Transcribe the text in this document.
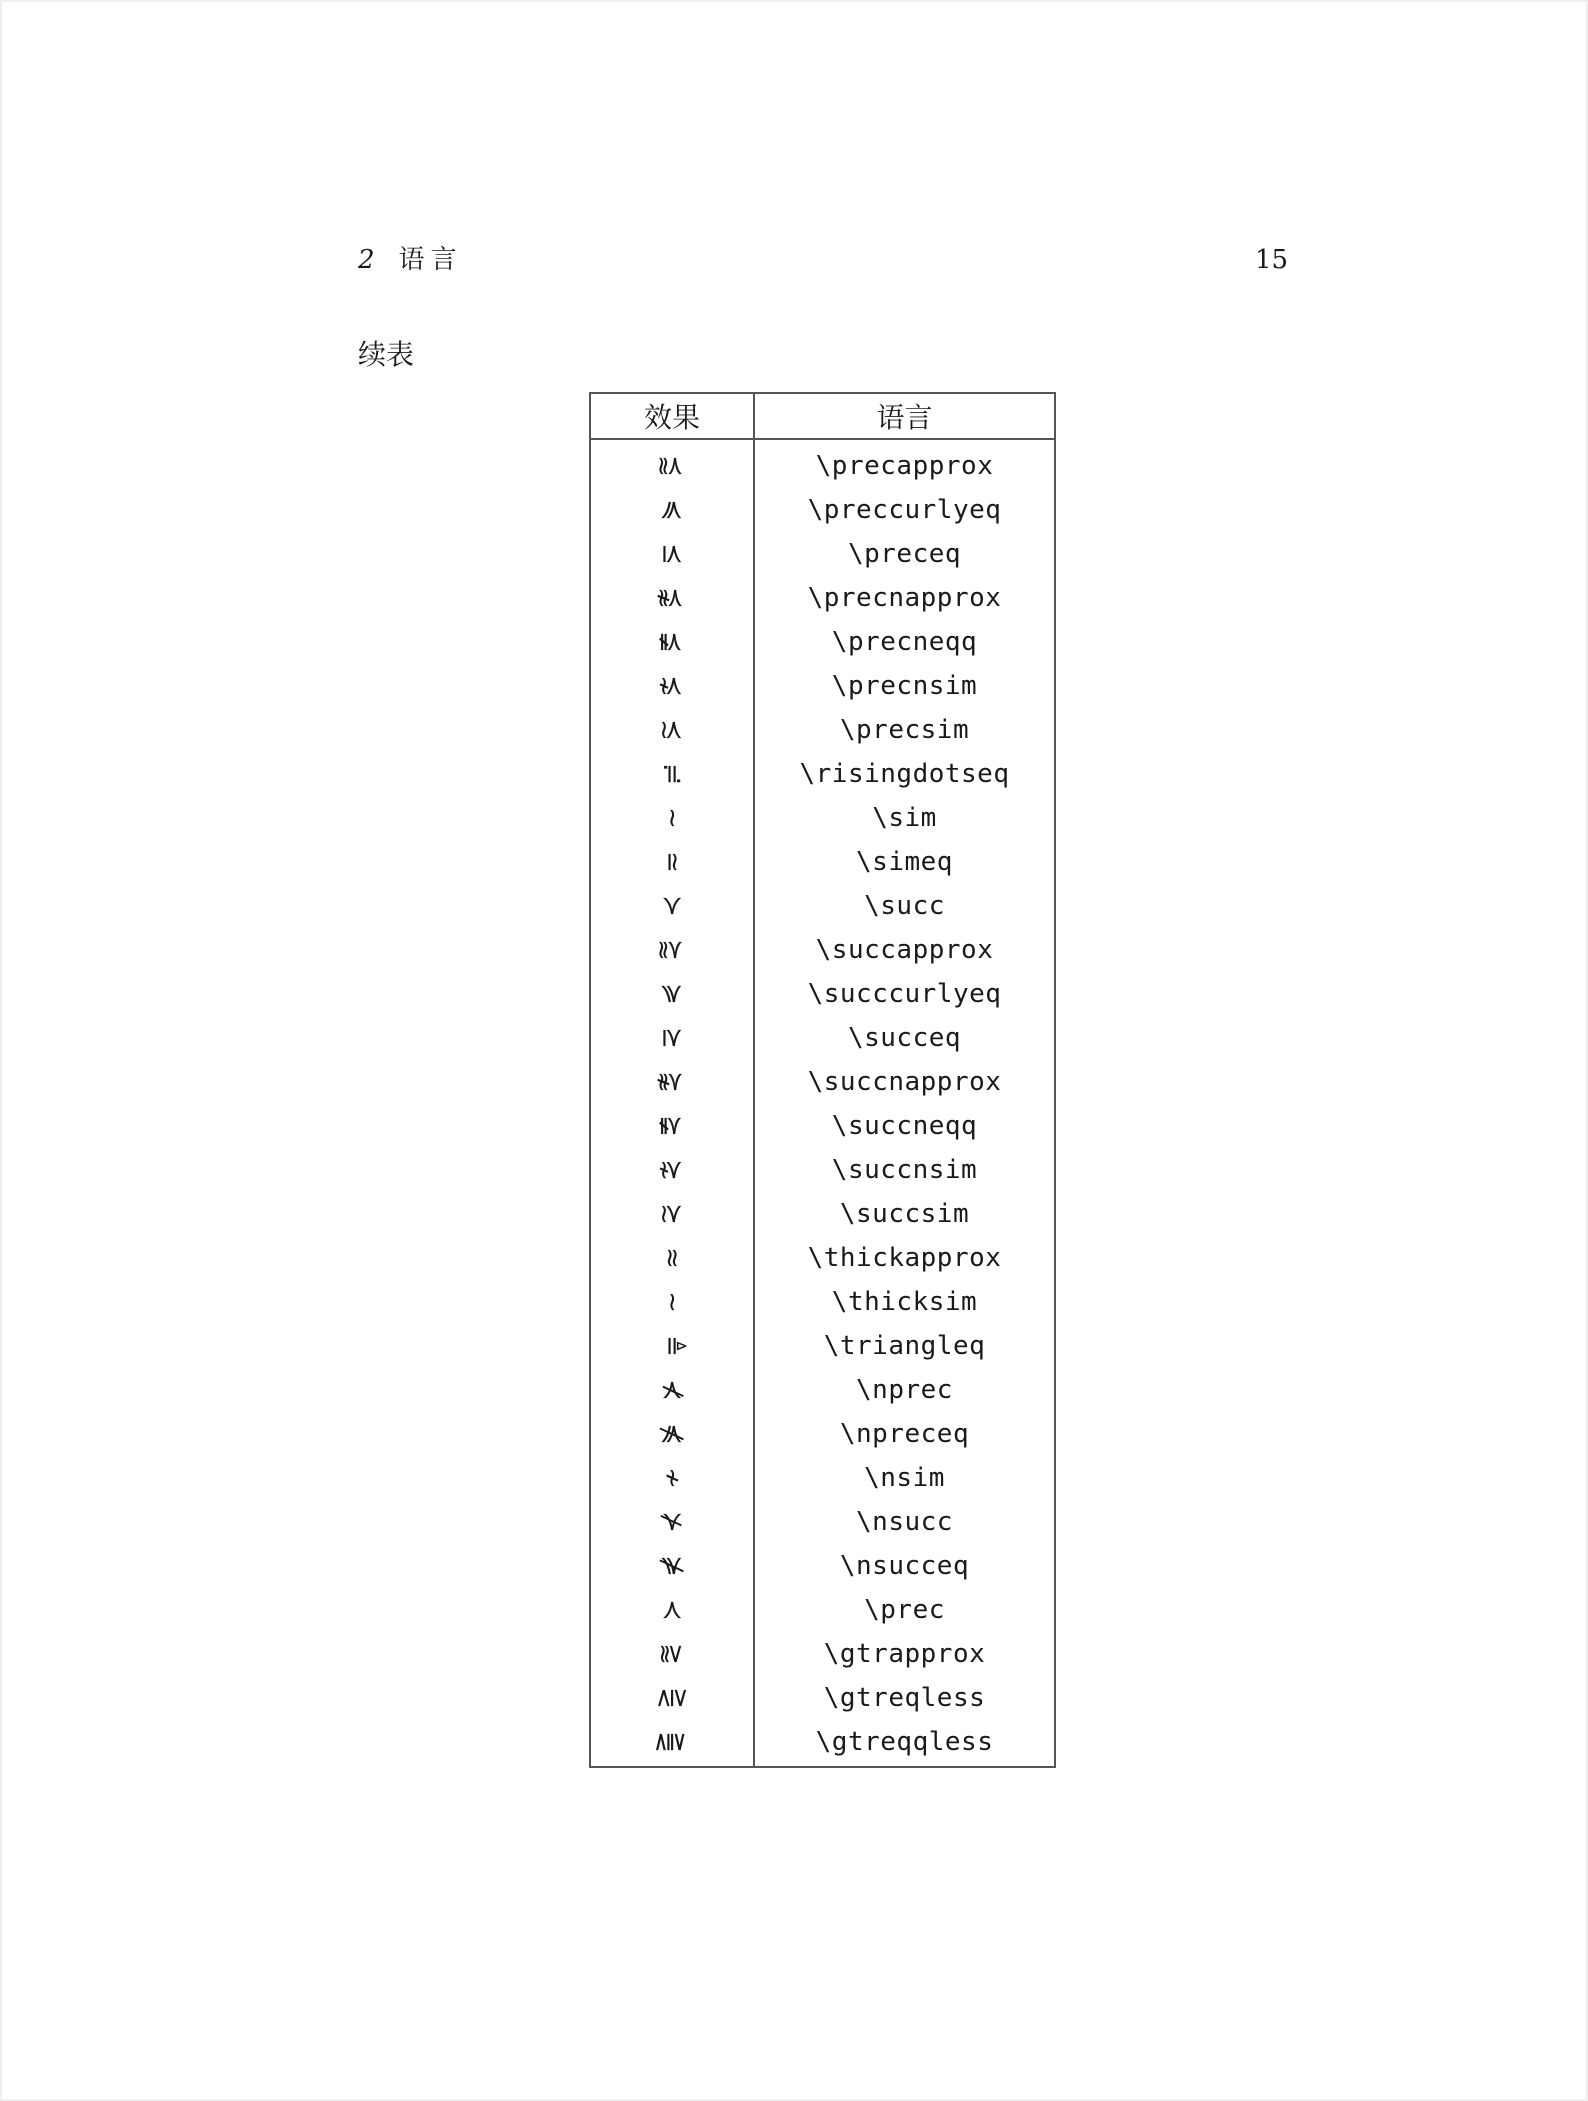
2 语言	15
续表
效果	语言
⪷	\precapprox
≼	\preccurlyeq
⪯	\preceq
⪹	\precnapprox
⪵	\precneqq
⋨	\precnsim
≾	\precsim
≓	\risingdotseq
∼	\sim
≃	\simeq
≻	\succ
⪸	\succapprox
≽	\succcurlyeq
⪰	\succeq
⪺	\succnapprox
⪶	\succneqq
⋩	\succnsim
≿	\succsim
≈	\thickapprox
∼	\thicksim
≜	\triangleq
⊀	\nprec
⋠	\npreceq
≁	\nsim
⊁	\nsucc
⋡	\nsucceq
≺	\prec
⪆	\gtrapprox
⋛	\gtreqless
⪌	\gtreqqless
